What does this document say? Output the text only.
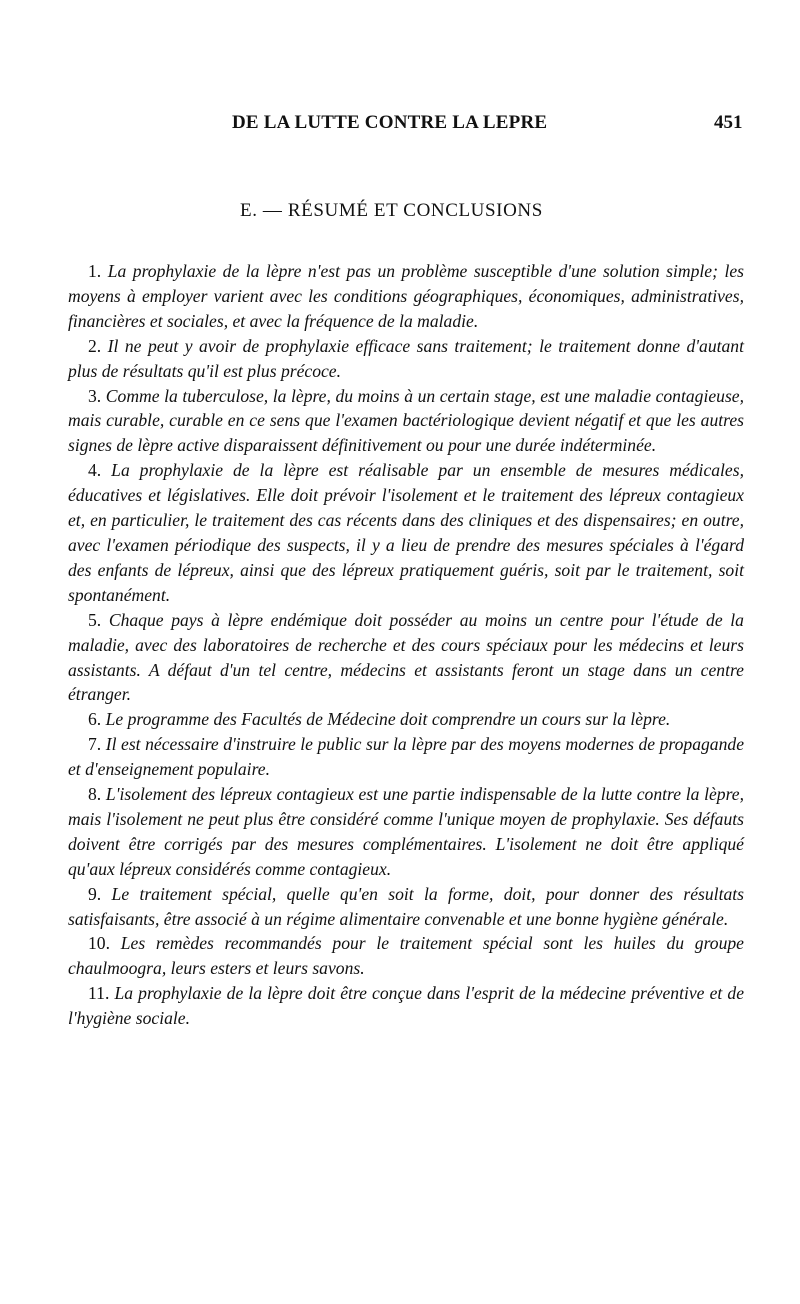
DE LA LUTTE CONTRE LA LEPRE	451
E. — RÉSUMÉ ET CONCLUSIONS

1. La prophylaxie de la lèpre n'est pas un problème susceptible d'une solution simple; les moyens à employer varient avec les conditions géographiques, économiques, administratives, financières et sociales, et avec la fréquence de la maladie.

2. Il ne peut y avoir de prophylaxie efficace sans traitement; le traitement donne d'autant plus de résultats qu'il est plus précoce.

3. Comme la tuberculose, la lèpre, du moins à un certain stage, est une maladie contagieuse, mais curable, curable en ce sens que l'examen bactériologique devient négatif et que les autres signes de lèpre active disparaissent définitivement ou pour une durée indéterminée.

4. La prophylaxie de la lèpre est réalisable par un ensemble de mesures médicales, éducatives et législatives. Elle doit prévoir l'isolement et le traitement des lépreux contagieux et, en particulier, le traitement des cas récents dans des cliniques et des dispensaires; en outre, avec l'examen périodique des suspects, il y a lieu de prendre des mesures spéciales à l'égard des enfants de lépreux, ainsi que des lépreux pratiquement guéris, soit par le traitement, soit spontanément.

5. Chaque pays à lèpre endémique doit posséder au moins un centre pour l'étude de la maladie, avec des laboratoires de recherche et des cours spéciaux pour les médecins et leurs assistants. A défaut d'un tel centre, médecins et assistants feront un stage dans un centre étranger.

6. Le programme des Facultés de Médecine doit comprendre un cours sur la lèpre.

7. Il est nécessaire d'instruire le public sur la lèpre par des moyens modernes de propagande et d'enseignement populaire.

8. L'isolement des lépreux contagieux est une partie indispensable de la lutte contre la lèpre, mais l'isolement ne peut plus être considéré comme l'unique moyen de prophylaxie. Ses défauts doivent être corrigés par des mesures complémentaires. L'isolement ne doit être appliqué qu'aux lépreux considérés comme contagieux.

9. Le traitement spécial, quelle qu'en soit la forme, doit, pour donner des résultats satisfaisants, être associé à un régime alimentaire convenable et une bonne hygiène générale.

10. Les remèdes recommandés pour le traitement spécial sont les huiles du groupe chaulmoogra, leurs esters et leurs savons.

11. La prophylaxie de la lèpre doit être conçue dans l'esprit de la médecine préventive et de l'hygiène sociale.
